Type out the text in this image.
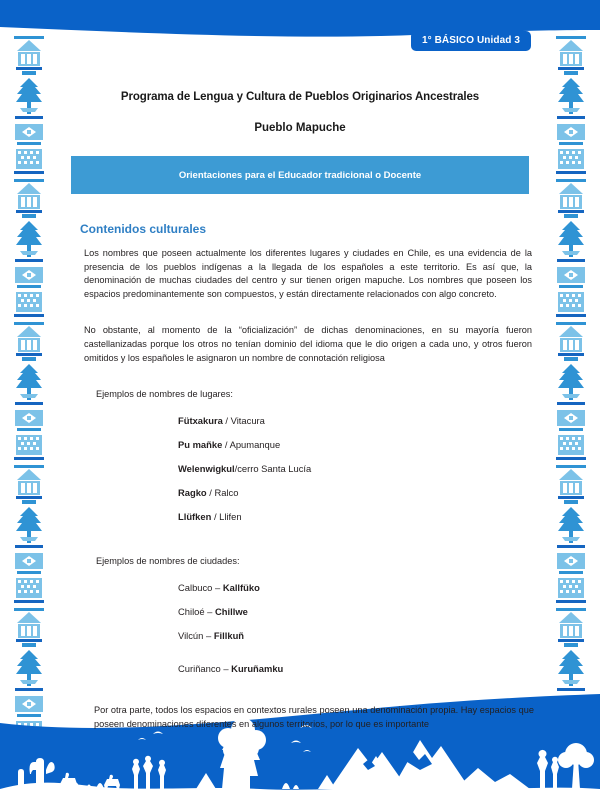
1° BÁSICO Unidad 3
Programa de Lengua y Cultura de Pueblos Originarios Ancestrales
Pueblo Mapuche
Orientaciones para el Educador tradicional o Docente
Contenidos culturales

Los nombres que poseen actualmente los diferentes lugares y ciudades en Chile, es una evidencia de la presencia de los pueblos indígenas a la llegada de los españoles a este territorio. Es así que, la denominación de muchas ciudades del centro y sur tienen origen mapuche. Los nombres que poseen los espacios predominantemente son compuestos, y están directamente relacionados con algo concreto.

No obstante, al momento de la “oficialización” de dichas denominaciones, en su mayoría fueron castellanizadas porque los otros no tenían dominio del idioma que le dio origen a cada uno, y otros fueron omitidos y los españoles le asignaron un nombre de connotación religiosa

Ejemplos de nombres de lugares:
Fütxakura / Vitacura
Pu mañke / Apumanque
Welenwigkul/cerro Santa Lucía
Ragko / Ralco
Llüfken / Llifen
Ejemplos de nombres de ciudades:
Calbuco – Kallfüko
Chiloé – Chillwe
Vilcún – Fillkuñ
Curiñanco – Kuruñamku

Por otra parte, todos los espacios en contextos rurales poseen una denominación propia. Hay espacios que poseen denominaciones diferentes en algunos territorios, por lo que es importante
